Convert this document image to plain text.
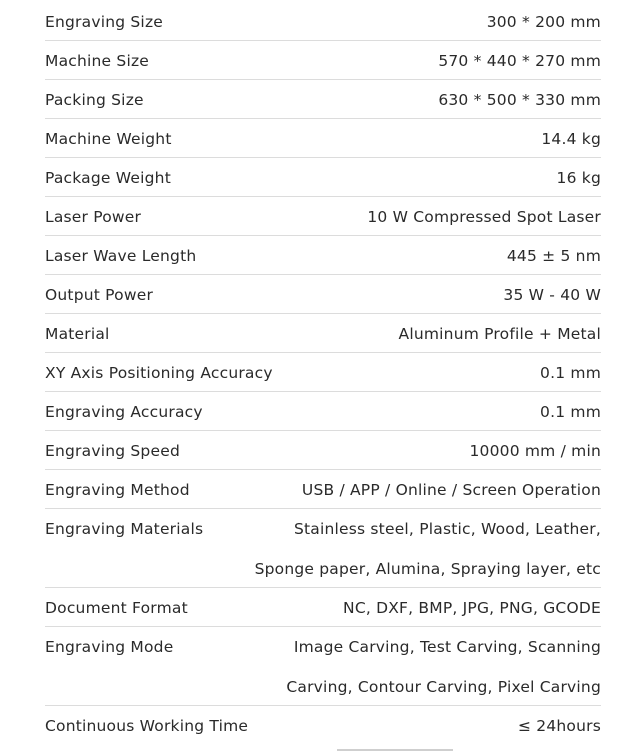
Engraving Size	300 * 200 mm
Machine Size	570 * 440 * 270 mm
Packing Size	630 * 500 * 330 mm
Machine Weight	14.4 kg
Package Weight	16 kg
Laser Power	10 W Compressed Spot Laser
Laser Wave Length	445 ± 5 nm
Output Power	35 W - 40 W
Material	Aluminum Profile + Metal
XY Axis Positioning Accuracy	0.1 mm
Engraving Accuracy	0.1 mm
Engraving Speed	10000 mm / min
Engraving Method	USB / APP / Online / Screen Operation
Engraving Materials	Stainless steel, Plastic, Wood, Leather,
Sponge paper, Alumina, Spraying layer, etc
Document Format	NC, DXF, BMP, JPG, PNG, GCODE
Engraving Mode	Image Carving, Test Carving, Scanning
Carving, Contour Carving, Pixel Carving
Continuous Working Time	≤ 24hours
